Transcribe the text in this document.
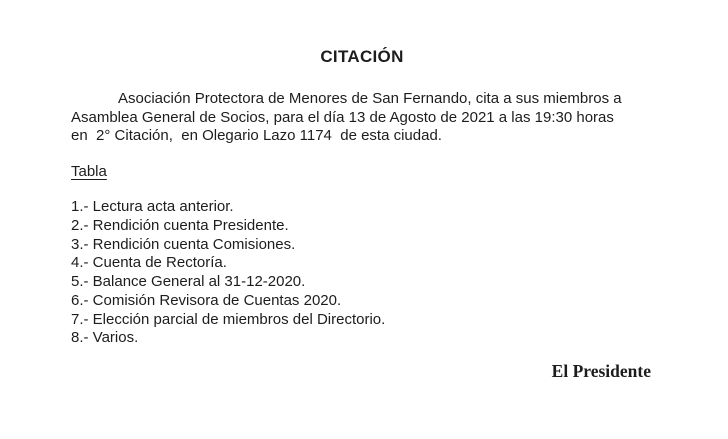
CITACIÓN
Asociación Protectora de Menores de San Fernando, cita a sus miembros a
Asamblea General de Socios, para el día 13 de Agosto de 2021 a las 19:30 horas
en  2° Citación,  en Olegario Lazo 1174  de esta ciudad.
Tabla
1.- Lectura acta anterior.
2.- Rendición cuenta Presidente.
3.- Rendición cuenta Comisiones.
4.- Cuenta de Rectoría.
5.- Balance General al 31-12-2020.
6.- Comisión Revisora de Cuentas 2020.
7.- Elección parcial de miembros del Directorio.
8.- Varios.
El Presidente
